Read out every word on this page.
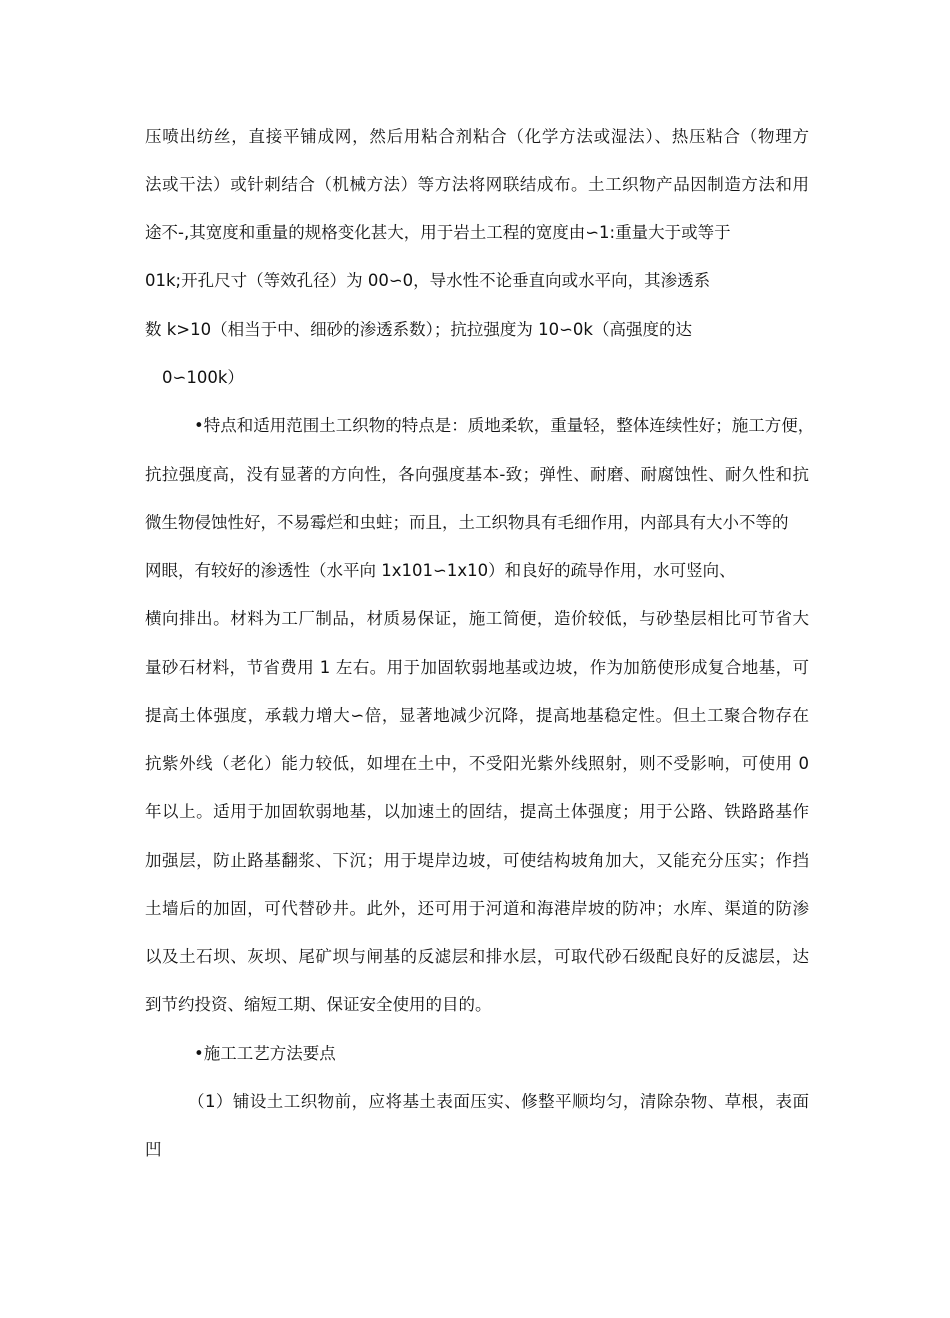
压喷出纺丝，直接平铺成网，然后用粘合剂粘合（化学方法或湿法）、热压粘合（物理方
法或干法）或针刺结合（机械方法）等方法将网联结成布。土工织物产品因制造方法和用
途不-,其宽度和重量的规格变化甚大，用于岩土工程的宽度由∽1:重量大于或等于
01k;开孔尺寸（等效孔径）为 00∽0，导水性不论垂直向或水平向，其渗透系
数 k>10（相当于中、细砂的渗透系数）；抗拉强度为 10∽0k（高强度的达
0∽100k）
•特点和适用范围土工织物的特点是：质地柔软，重量轻，整体连续性好；施工方便，
抗拉强度高，没有显著的方向性，各向强度基本-致；弹性、耐磨、耐腐蚀性、耐久性和抗
微生物侵蚀性好，不易霉烂和虫蛀；而且，土工织物具有毛细作用，内部具有大小不等的
网眼，有较好的渗透性（水平向 1x101∽1x10）和良好的疏导作用，水可竖向、
横向排出。材料为工厂制品，材质易保证，施工简便，造价较低，与砂垫层相比可节省大
量砂石材料，节省费用 1 左右。用于加固软弱地基或边坡，作为加筋使形成复合地基，可
提高土体强度，承载力增大∽倍，显著地减少沉降，提高地基稳定性。但土工聚合物存在
抗紫外线（老化）能力较低，如埋在土中，不受阳光紫外线照射，则不受影响，可使用 0
年以上。适用于加固软弱地基，以加速土的固结，提高土体强度；用于公路、铁路路基作
加强层，防止路基翻浆、下沉；用于堤岸边坡，可使结构坡角加大，又能充分压实；作挡
土墙后的加固，可代替砂井。此外，还可用于河道和海港岸坡的防冲；水库、渠道的防渗
以及土石坝、灰坝、尾矿坝与闸基的反滤层和排水层，可取代砂石级配良好的反滤层，达
到节约投资、缩短工期、保证安全使用的目的。
•施工工艺方法要点
（1）铺设土工织物前，应将基土表面压实、修整平顺均匀，清除杂物、草根，表面
凹
